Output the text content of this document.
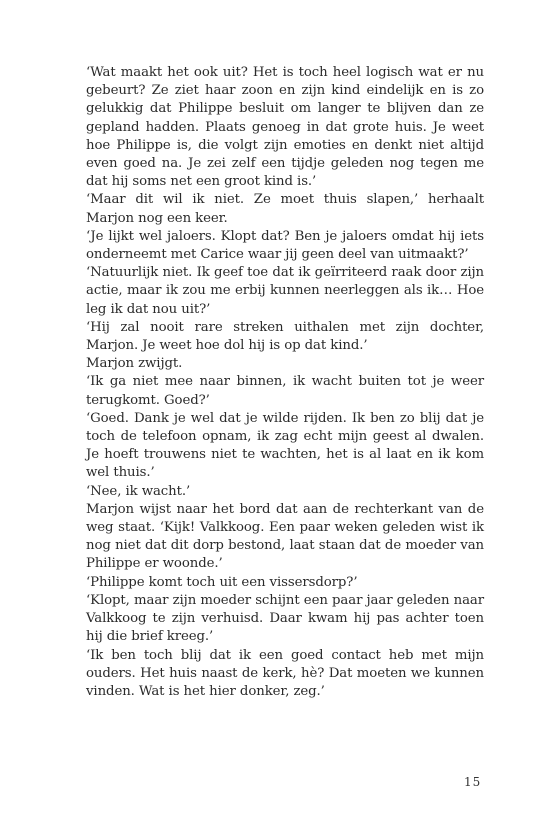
‘Wat maakt het ook uit? Het is toch heel logisch wat er nu gebeurt? Ze ziet haar zoon en zijn kind eindelijk en is zo gelukkig dat Philippe besluit om langer te blijven dan ze gepland hadden. Plaats genoeg in dat grote huis. Je weet hoe Philippe is, die volgt zijn emoties en denkt niet altijd even goed na. Je zei zelf een tijdje geleden nog tegen me dat hij soms net een groot kind is.’

‘Maar dit wil ik niet. Ze moet thuis slapen,’ herhaalt Marjon nog een keer.

‘Je lijkt wel jaloers. Klopt dat? Ben je jaloers omdat hij iets onderneemt met Carice waar jij geen deel van uitmaakt?’

‘Natuurlijk niet. Ik geef toe dat ik geïrriteerd raak door zijn actie, maar ik zou me erbij kunnen neerleggen als ik… Hoe leg ik dat nou uit?’

‘Hij zal nooit rare streken uithalen met zijn dochter, Marjon. Je weet hoe dol hij is op dat kind.’

Marjon zwijgt.

‘Ik ga niet mee naar binnen, ik wacht buiten tot je weer terugkomt. Goed?’

‘Goed. Dank je wel dat je wilde rijden. Ik ben zo blij dat je toch de telefoon opnam, ik zag echt mijn geest al dwalen. Je hoeft trouwens niet te wachten, het is al laat en ik kom wel thuis.’

‘Nee, ik wacht.’

Marjon wijst naar het bord dat aan de rechterkant van de weg staat. ‘Kijk! Valkkoog. Een paar weken geleden wist ik nog niet dat dit dorp bestond, laat staan dat de moeder van Philippe er woonde.’

‘Philippe komt toch uit een vissersdorp?’

‘Klopt, maar zijn moeder schijnt een paar jaar geleden naar Valkkoog te zijn verhuisd. Daar kwam hij pas achter toen hij die brief kreeg.’

‘Ik ben toch blij dat ik een goed contact heb met mijn ouders. Het huis naast de kerk, hè? Dat moeten we kunnen vinden. Wat is het hier donker, zeg.’

15
